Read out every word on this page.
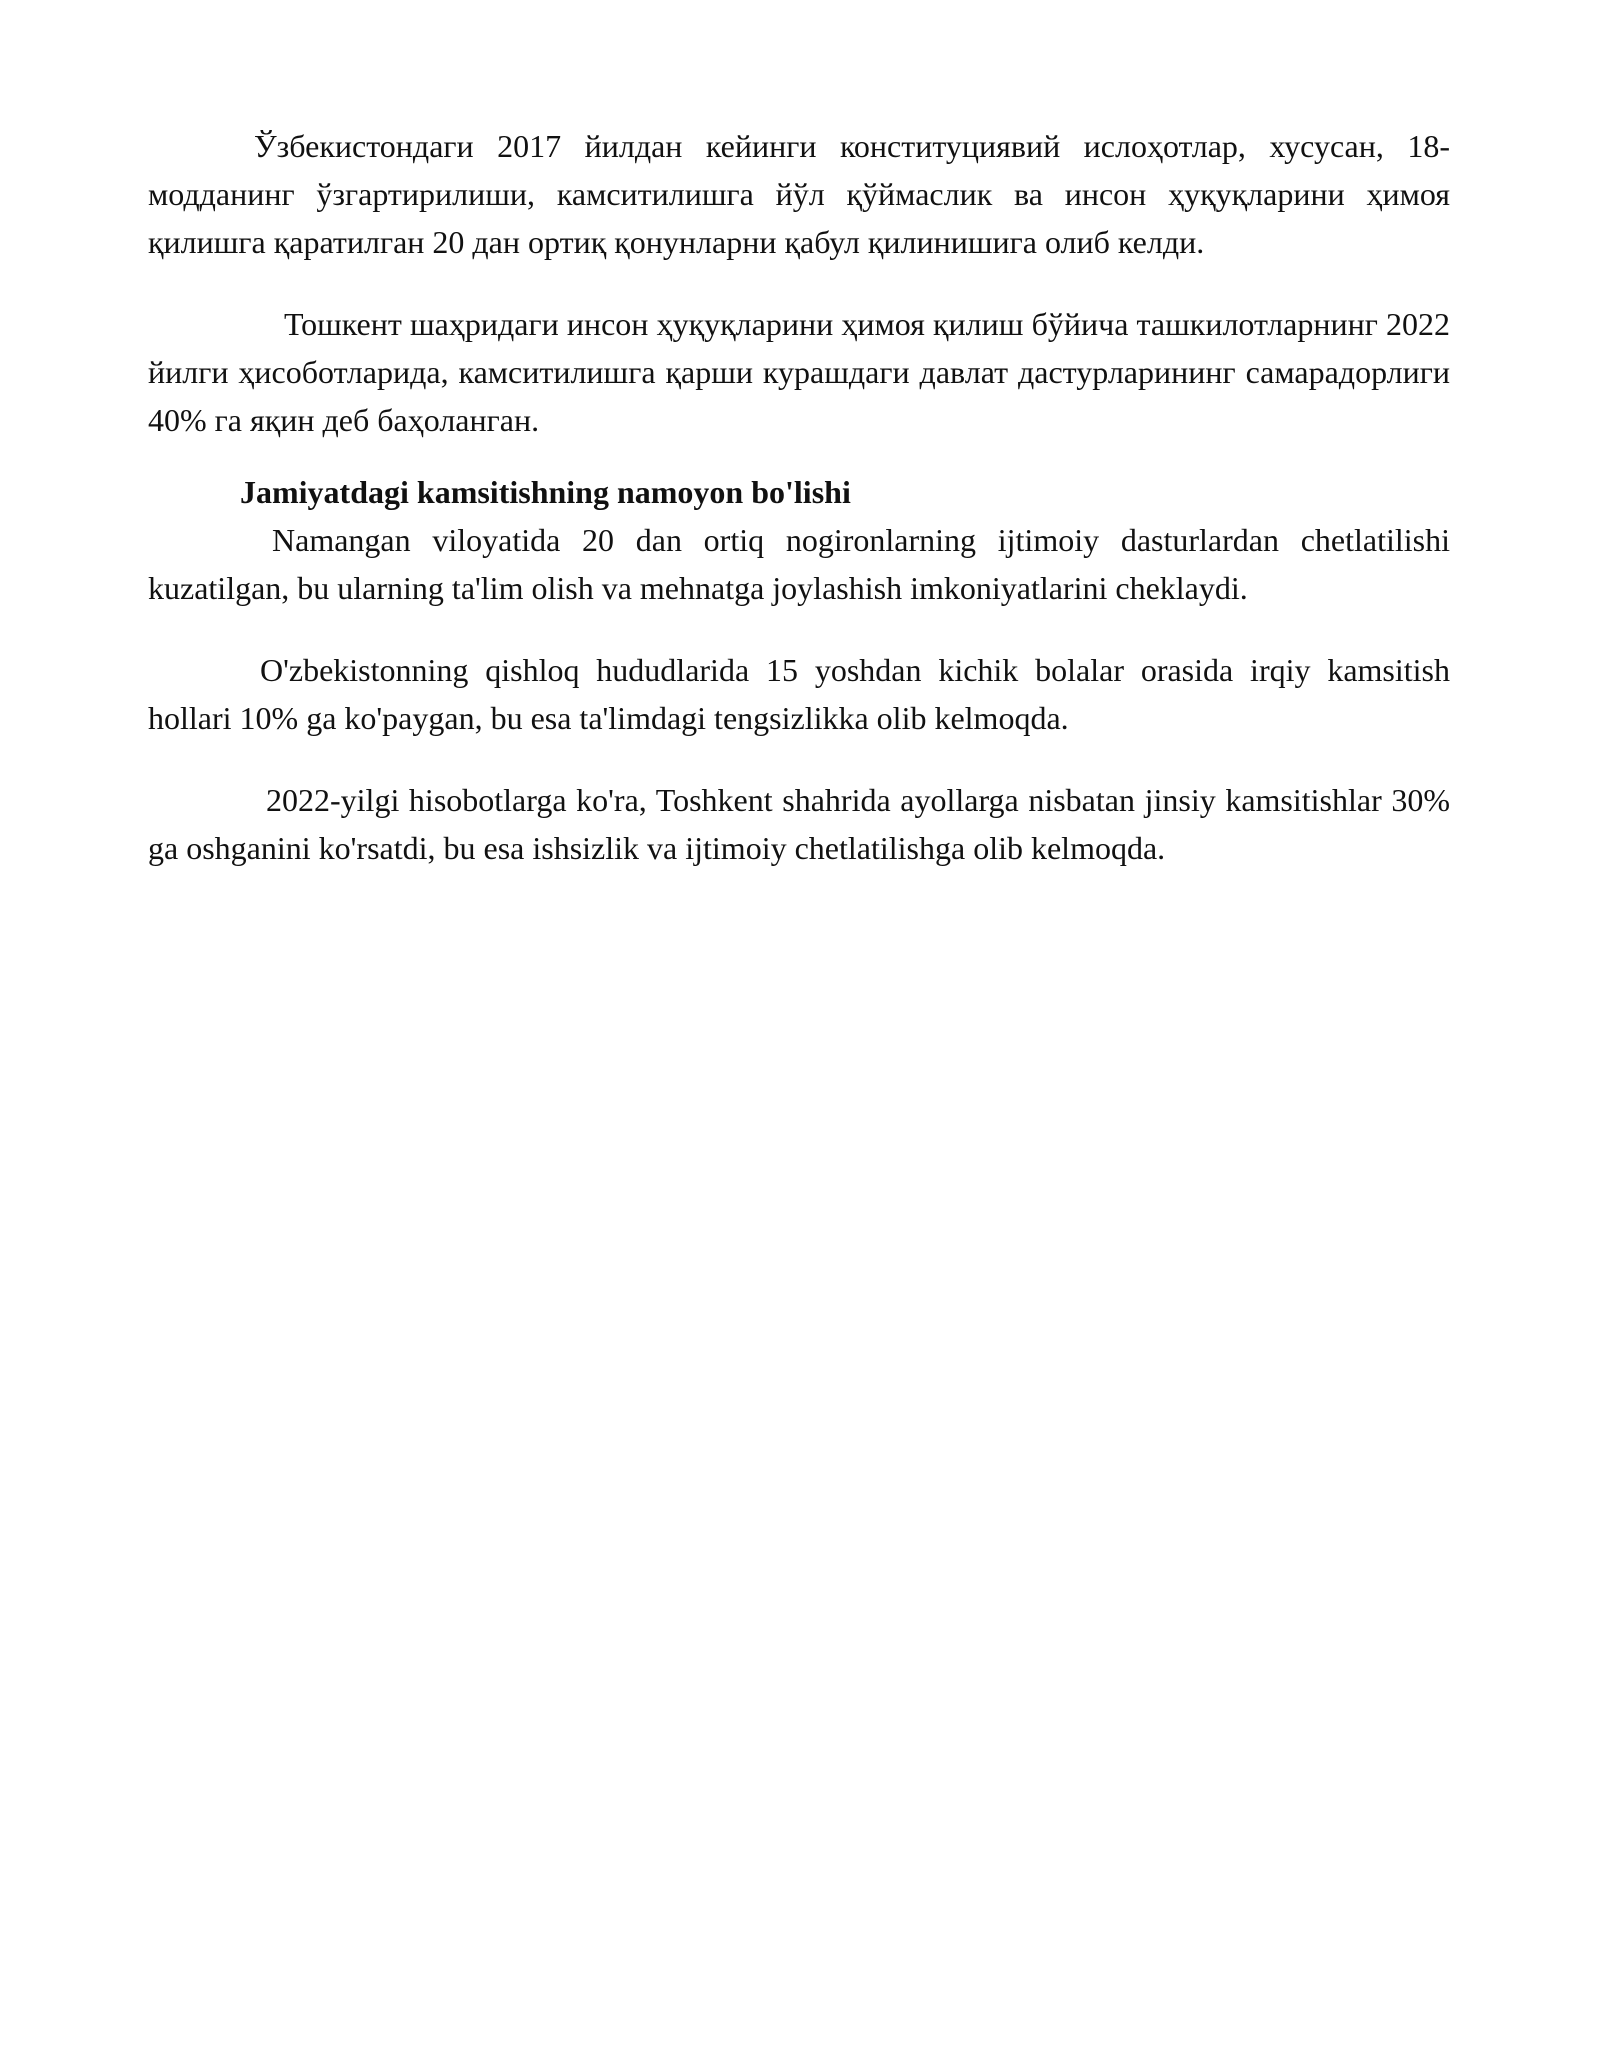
Ўзбекистондаги 2017 йилдан кейинги конституциявий ислоҳотлар, хусусан, 18-модданинг ўзгартирилиши, камситилишга йўл қўймаслик ва инсон ҳуқуқларини ҳимоя қилишга қаратилган 20 дан ортиқ қонунларни қабул қилинишига олиб келди.

Тошкент шаҳридаги инсон ҳуқуқларини ҳимоя қилиш бўйича ташкилотларнинг 2022 йилги ҳисоботларида, камситилишга қарши курашдаги давлат дастурларининг самарадорлиги 40% га яқин деб баҳоланган.

Jamiyatdagi kamsitishning namoyon bo'lishi

Namangan viloyatida 20 dan ortiq nogironlarning ijtimoiy dasturlardan chetlatilishi kuzatilgan, bu ularning ta'lim olish va mehnatga joylashish imkoniyatlarini cheklaydi.

O'zbekistonning qishloq hududlarida 15 yoshdan kichik bolalar orasida irqiy kamsitish hollari 10% ga ko'paygan, bu esa ta'limdagi tengsizlikka olib kelmoqda.

2022-yilgi hisobotlarga ko'ra, Toshkent shahrida ayollarga nisbatan jinsiy kamsitishlar 30% ga oshganini ko'rsatdi, bu esa ishsizlik va ijtimoiy chetlatilishga olib kelmoqda.
